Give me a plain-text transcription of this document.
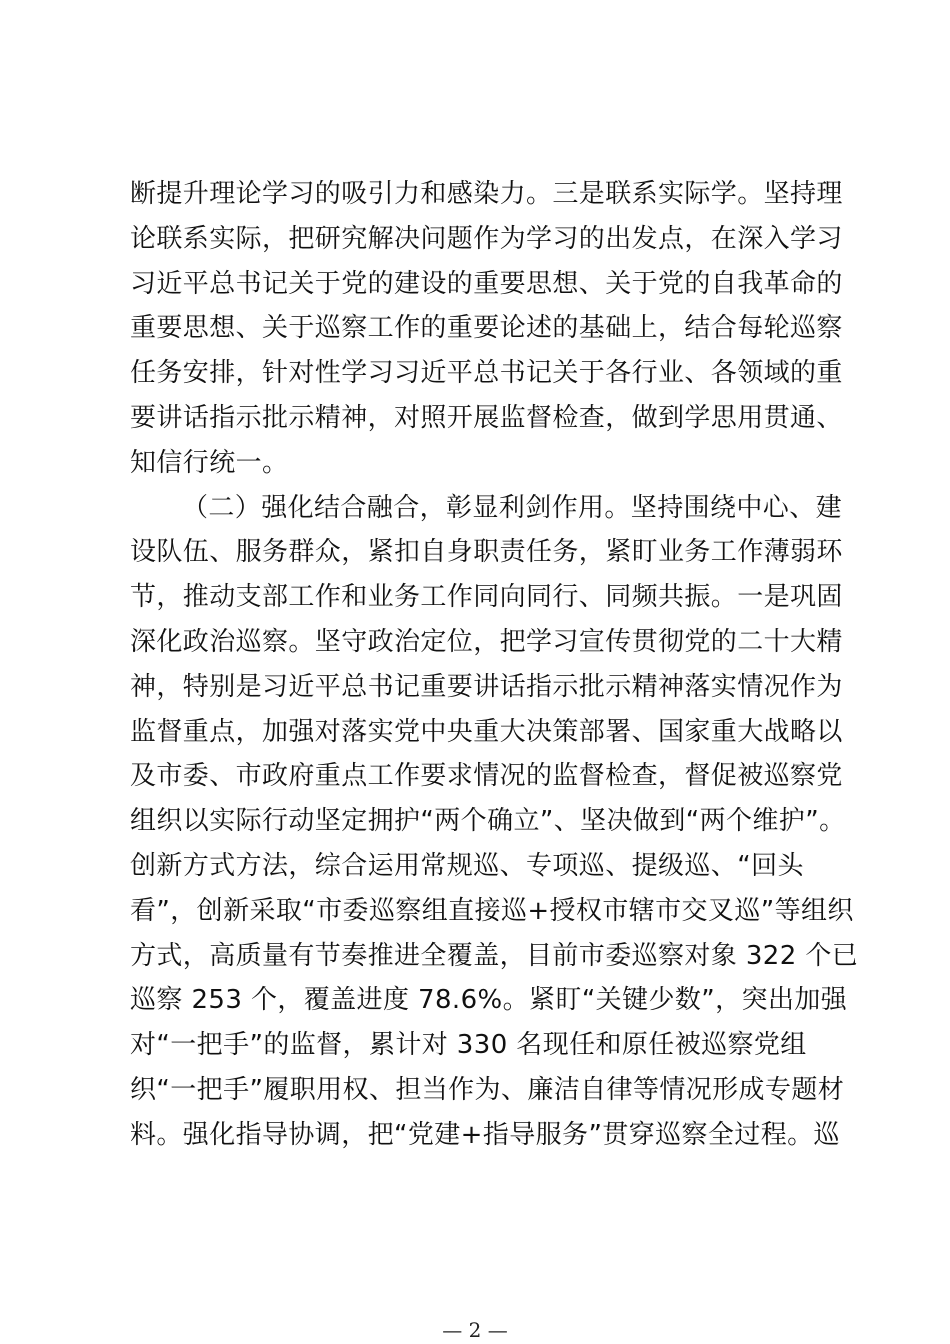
断提升理论学习的吸引力和感染力。三是联系实际学。坚持理
论联系实际，把研究解决问题作为学习的出发点，在深入学习
习近平总书记关于党的建设的重要思想、关于党的自我革命的
重要思想、关于巡察工作的重要论述的基础上，结合每轮巡察
任务安排，针对性学习习近平总书记关于各行业、各领域的重
要讲话指示批示精神，对照开展监督检查，做到学思用贯通、
知信行统一。
（二）强化结合融合，彰显利剑作用。坚持围绕中心、建
设队伍、服务群众，紧扣自身职责任务，紧盯业务工作薄弱环
节，推动支部工作和业务工作同向同行、同频共振。一是巩固
深化政治巡察。坚守政治定位，把学习宣传贯彻党的二十大精
神，特别是习近平总书记重要讲话指示批示精神落实情况作为
监督重点，加强对落实党中央重大决策部署、国家重大战略以
及市委、市政府重点工作要求情况的监督检查，督促被巡察党
组织以实际行动坚定拥护“两个确立”、坚决做到“两个维护”。
创新方式方法，综合运用常规巡、专项巡、提级巡、“回头
看”，创新采取“市委巡察组直接巡+授权市辖市交叉巡”等组织
方式，高质量有节奏推进全覆盖，目前市委巡察对象 322 个已
巡察 253 个，覆盖进度 78.6%。紧盯“关键少数”，突出加强
对“一把手”的监督，累计对 330 名现任和原任被巡察党组
织“一把手”履职用权、担当作为、廉洁自律等情况形成专题材
料。强化指导协调，把“党建+指导服务”贯穿巡察全过程。巡
— 2 —
